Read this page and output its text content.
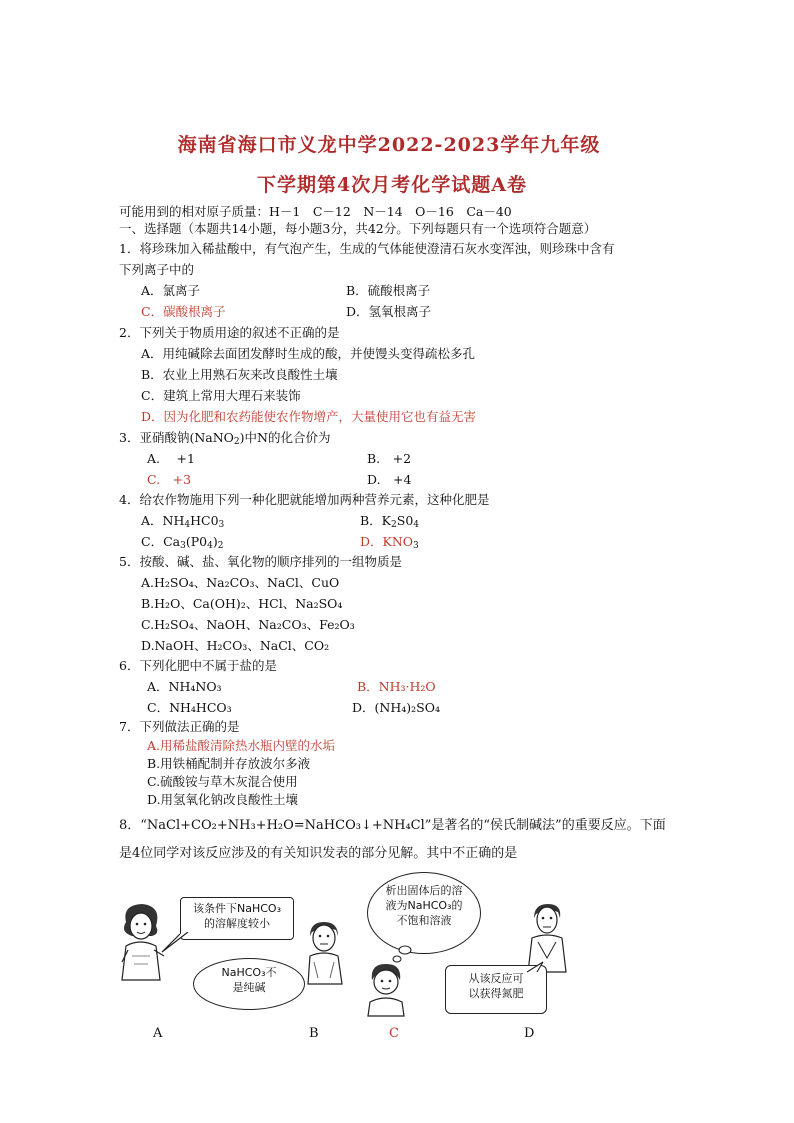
海南省海口市义龙中学2022-2023学年九年级
下学期第4次月考化学试题A卷
可能用到的相对原子质量：H－1　C－12　N－14　O－16　Ca－40
一、选择题（本题共14小题，每小题3分，共42分。下列每题只有一个选项符合题意）
1．将珍珠加入稀盐酸中，有气泡产生，生成的气体能使澄清石灰水变浑浊，则珍珠中含有
下列离子中的
A．氯离子	B．硫酸根离子
C．碳酸根离子	D．氢氧根离子
2．下列关于物质用途的叙述不正确的是
A．用纯碱除去面团发酵时生成的酸，并使馒头变得疏松多孔
B．农业上用熟石灰来改良酸性土壤
C．建筑上常用大理石来装饰
D．因为化肥和农药能使农作物增产，大量使用它也有益无害
3．亚硝酸钠(NaNO$_2$)中N的化合价为
A.　 +1	B.　+2
C.　+3	D.　+4
4．给农作物施用下列一种化肥就能增加两种营养元素，这种化肥是
A．$NH_4HC0_3$	B．$K_2S0_4$
C．$Ca_3(P0_4)_2$	D．$KNO_3$
5．按酸、碱、盐、氧化物的顺序排列的一组物质是
A.H₂SO₄、Na₂CO₃、NaCl、CuO
B.H₂O、Ca(OH)₂、HCl、Na₂SO₄
C.H₂SO₄、NaOH、Na₂CO₃、Fe₂O₃
D.NaOH、H₂CO₃、NaCl、CO₂
6．下列化肥中不属于盐的是
A．NH₄NO₃	B．NH₃·H₂O
C．NH₄HCO₃	D．(NH₄)₂SO₄
7．下列做法正确的是
A.用稀盐酸清除热水瓶内壁的水垢
B.用铁桶配制并存放波尔多液
C.硫酸铵与草木灰混合使用
D.用氢氧化钠改良酸性土壤
8．“NaCl+CO₂+NH₃+H₂O=NaHCO₃↓+NH₄Cl”是著名的“侯氏制碱法”的重要反应。下面
是4位同学对该反应涉及的有关知识发表的部分见解。其中不正确的是
该条件下NaHCO₃
的溶解度较小
NaHCO₃不
是纯碱
析出固体后的溶
液为NaHCO₃的
不饱和溶液
从该反应可
以获得氮肥
A	B	C	D
